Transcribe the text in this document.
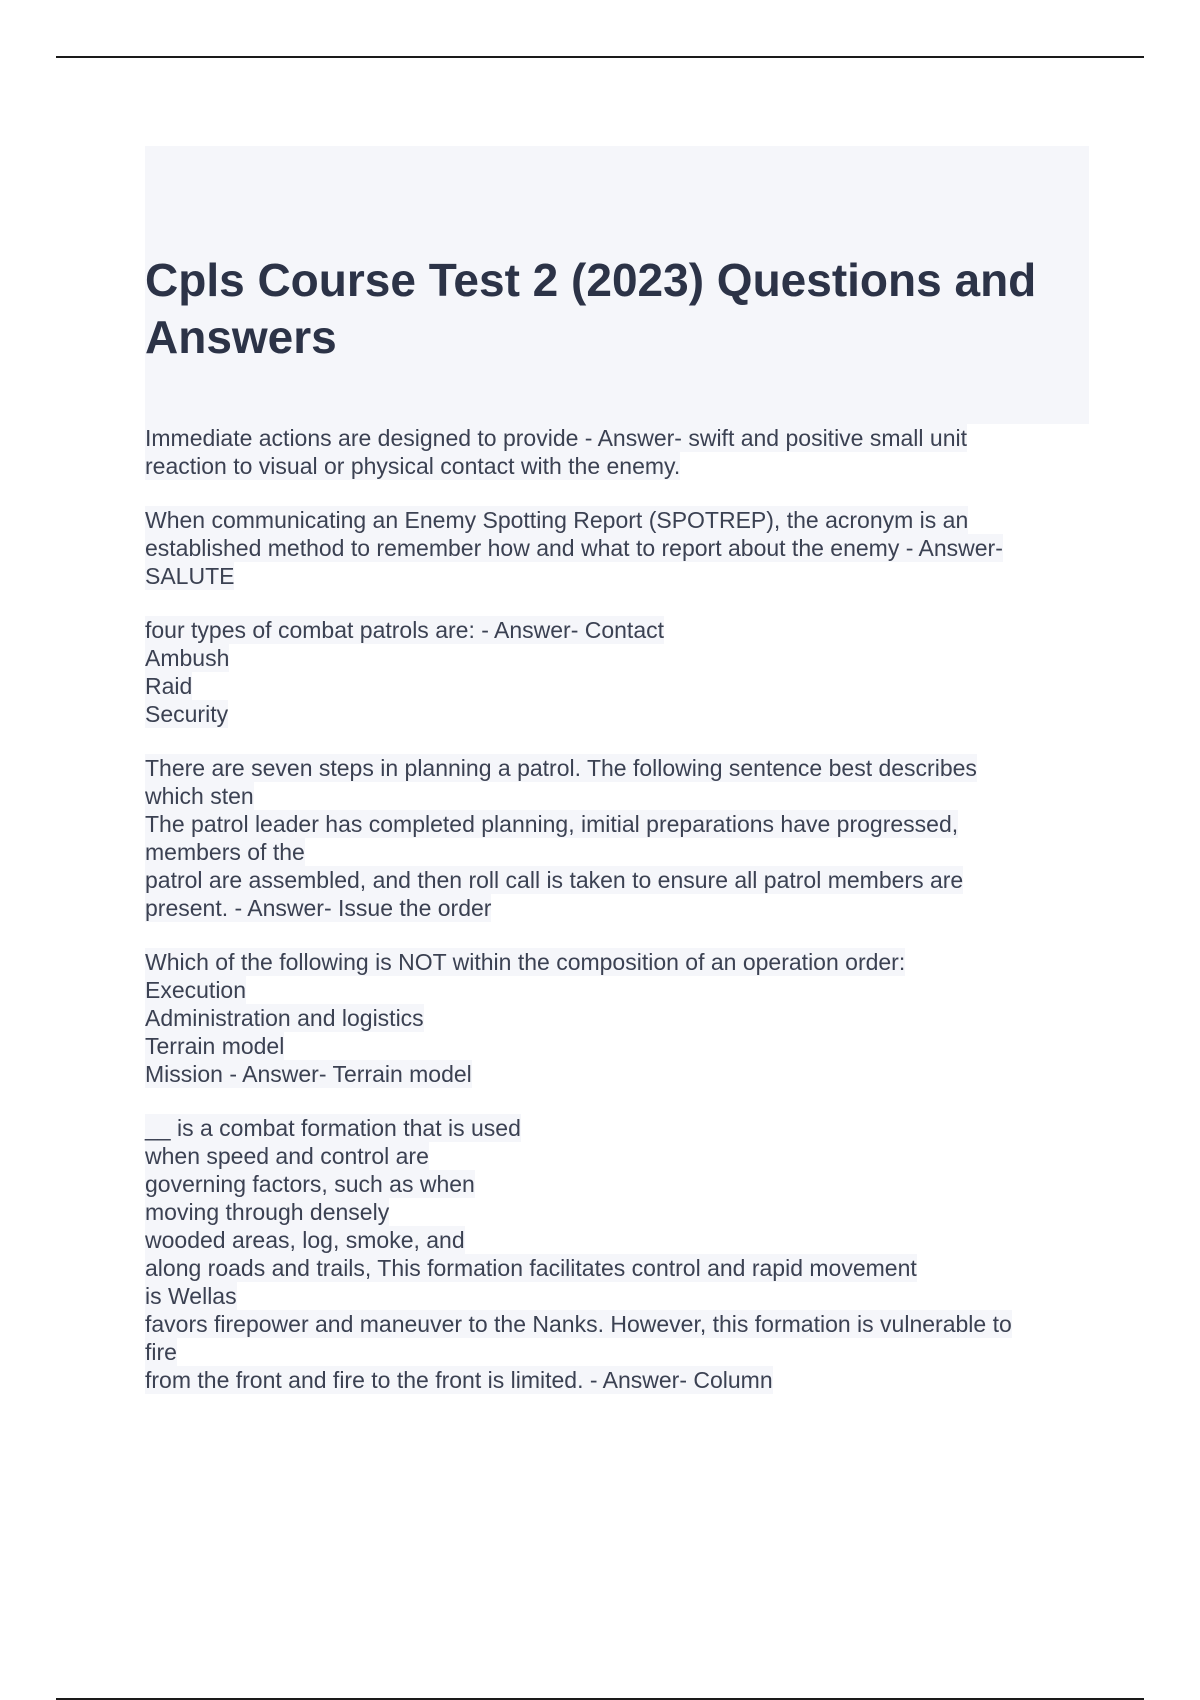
Cpls Course Test 2 (2023) Questions and Answers
Immediate actions are designed to provide - Answer- swift and positive small unit
reaction to visual or physical contact with the enemy.
When communicating an Enemy Spotting Report (SPOTREP), the acronym is an
established method to remember how and what to report about the enemy - Answer-
SALUTE
four types of combat patrols are: - Answer- Contact
Ambush
Raid
Security
There are seven steps in planning a patrol. The following sentence best describes
which sten
The patrol leader has completed planning, imitial preparations have progressed,
members of the
patrol are assembled, and then roll call is taken to ensure all patrol members are
present. - Answer- Issue the order
Which of the following is NOT within the composition of an operation order:
Execution
Administration and logistics
Terrain model
Mission - Answer- Terrain model
__ is a combat formation that is used
when speed and control are
governing factors, such as when
moving through densely
wooded areas, log, smoke, and
along roads and trails, This formation facilitates control and rapid movement
is Wellas
favors firepower and maneuver to the Nanks. However, this formation is vulnerable to
fire
from the front and fire to the front is limited. - Answer- Column
